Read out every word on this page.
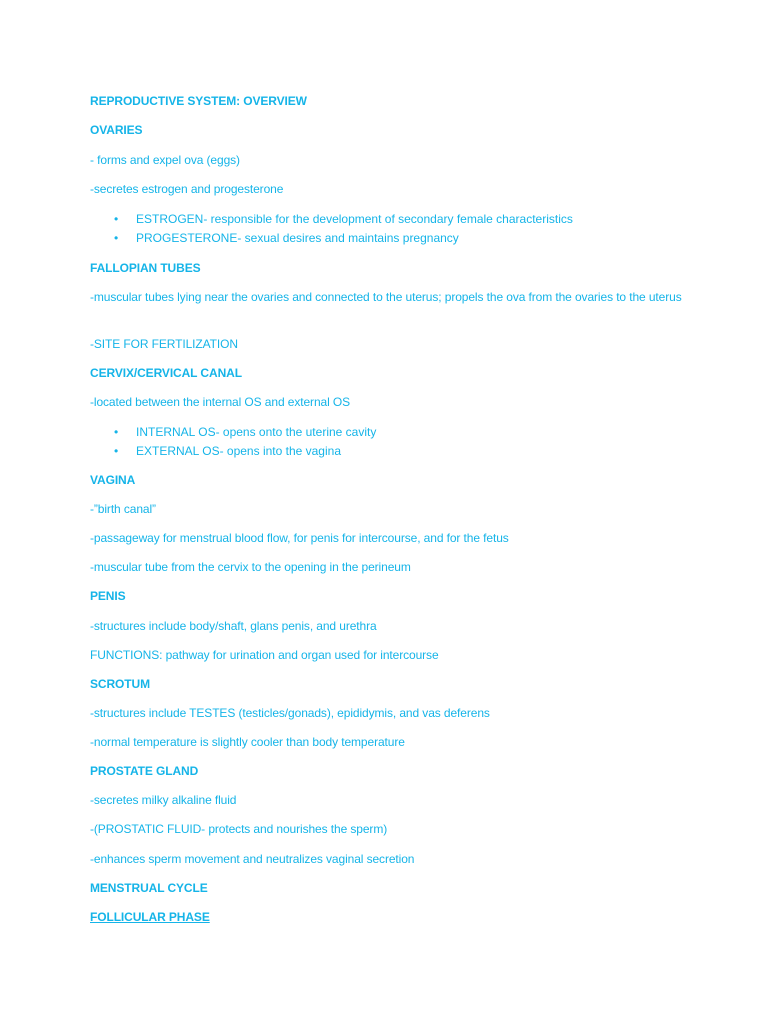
REPRODUCTIVE SYSTEM: OVERVIEW
OVARIES
- forms and expel ova (eggs)
-secretes estrogen and progesterone
• ESTROGEN- responsible for the development of secondary female characteristics
• PROGESTERONE- sexual desires and maintains pregnancy
FALLOPIAN TUBES
-muscular tubes lying near the ovaries and connected to the uterus; propels the ova from the ovaries to the uterus
-SITE FOR FERTILIZATION
CERVIX/CERVICAL CANAL
-located between the internal OS and external OS
• INTERNAL OS- opens onto the uterine cavity
• EXTERNAL OS- opens into the vagina
VAGINA
-”birth canal”
-passageway for menstrual blood flow, for penis for intercourse, and for the fetus
-muscular tube from the cervix to the opening in the perineum
PENIS
-structures include body/shaft, glans penis, and urethra
FUNCTIONS: pathway for urination and organ used for intercourse
SCROTUM
-structures include TESTES (testicles/gonads), epididymis, and vas deferens
-normal temperature is slightly cooler than body temperature
PROSTATE GLAND
-secretes milky alkaline fluid
-(PROSTATIC FLUID- protects and nourishes the sperm)
-enhances sperm movement and neutralizes vaginal secretion
MENSTRUAL CYCLE
FOLLICULAR PHASE
